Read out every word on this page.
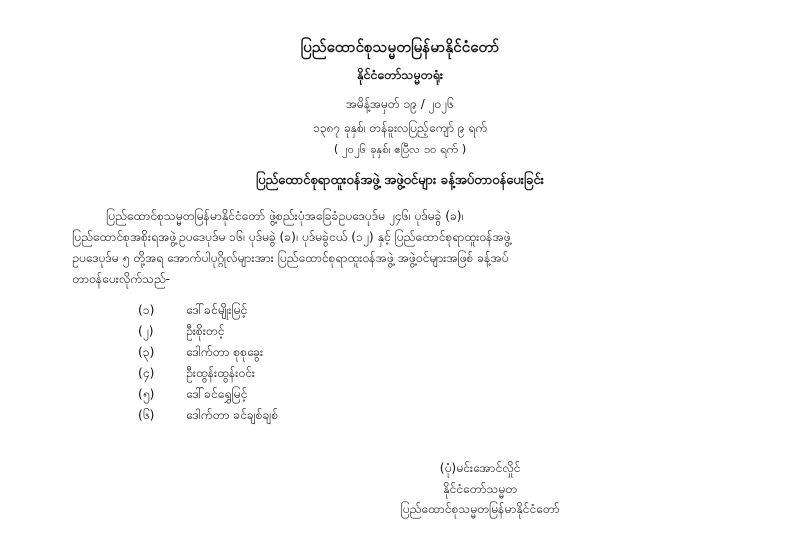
ပြည်ထောင်စုသမ္မတမြန်မာနိုင်ငံတော်
နိုင်ငံတော်သမ္မတရုံး
အမိန့်အမှတ် ၁၉ / ၂၀၂၆
၁၃၈၇ ခုနှစ်၊ တန်ခူးလပြည့်ကျော် ၉ ရက်
( ၂၀၂၆ ခုနှစ်၊ ဧပြီလ ၁၀ ရက် )
ပြည်ထောင်စုရာထူးဝန်အဖွဲ့ အဖွဲ့ဝင်များ ခန့်အပ်တာဝန်ပေးခြင်း

ပြည်ထောင်စုသမ္မတမြန်မာနိုင်ငံတော် ဖွဲ့စည်းပုံအခြေခံဥပဒေပုဒ်မ ၂၄၆၊ ပုဒ်မခွဲ (ခ)၊

ပြည်ထောင်စုအစိုးရအဖွဲ့ဥပဒေပုဒ်မ ၁၆၊ ပုဒ်မခွဲ (ခ)၊ ပုဒ်မခွဲငယ် (၁၂) နှင့် ပြည်ထောင်စုရာထူးဝန်အဖွဲ့

ဥပဒေပုဒ်မ ၅ တို့အရ အောက်ပါပုဂ္ဂိုလ်များအား ပြည်ထောင်စုရာထူးဝန်အဖွဲ့ အဖွဲ့ဝင်များအဖြစ် ခန့်အပ်

တာဝန်ပေးလိုက်သည်-

(၁)	ဒေါ်ခင်မျိုးမြင့်
(၂)	ဦးစိုးတင့်
(၃)	ဒေါက်တာ စုစုခွေး
(၄)	ဦးထွန်းထွန်းဝင်း
(၅)	ဒေါ်ခင်ရွှေမြင့်
(၆)	ဒေါက်တာ ခင်ချစ်ချစ်
(ပုံ)မင်းအောင်လှိုင်
နိုင်ငံတော်သမ္မတ
ပြည်ထောင်စုသမ္မတမြန်မာနိုင်ငံတော်
